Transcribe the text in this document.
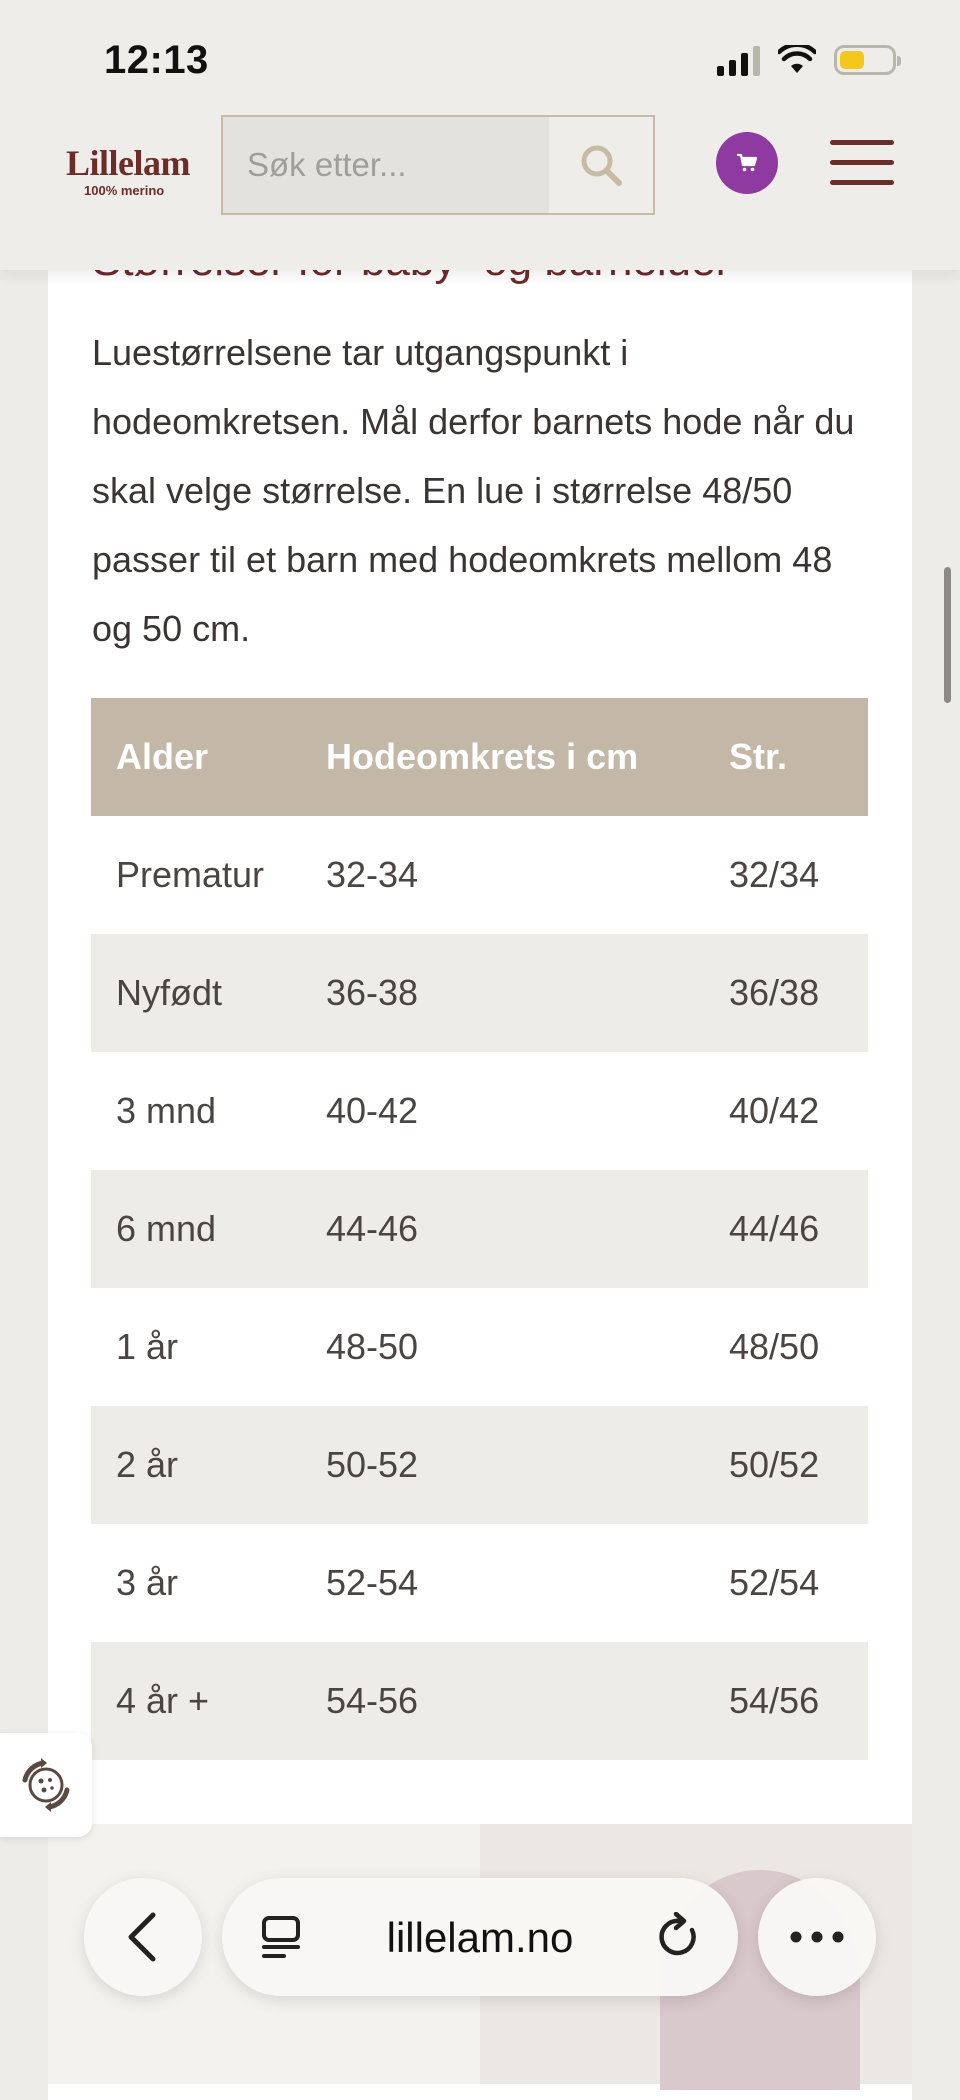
Luestørrelsene tar utgangspunkt i hodeomkretsen. Mål derfor barnets hode når du skal velge størrelse. En lue i størrelse 48/50 passer til et barn med hodeomkrets mellom 48 og 50 cm.

Alder	Hodeomkrets i cm	Str.
Prematur	32-34	32/34
Nyfødt	36-38	36/38
3 mnd	40-42	40/42
6 mnd	44-46	44/46
1 år	48-50	48/50
2 år	50-52	50/52
3 år	52-54	52/54
4 år +	54-56	54/56
12:13
Lillelam
100% merino
Søk etter...
lillelam.no
